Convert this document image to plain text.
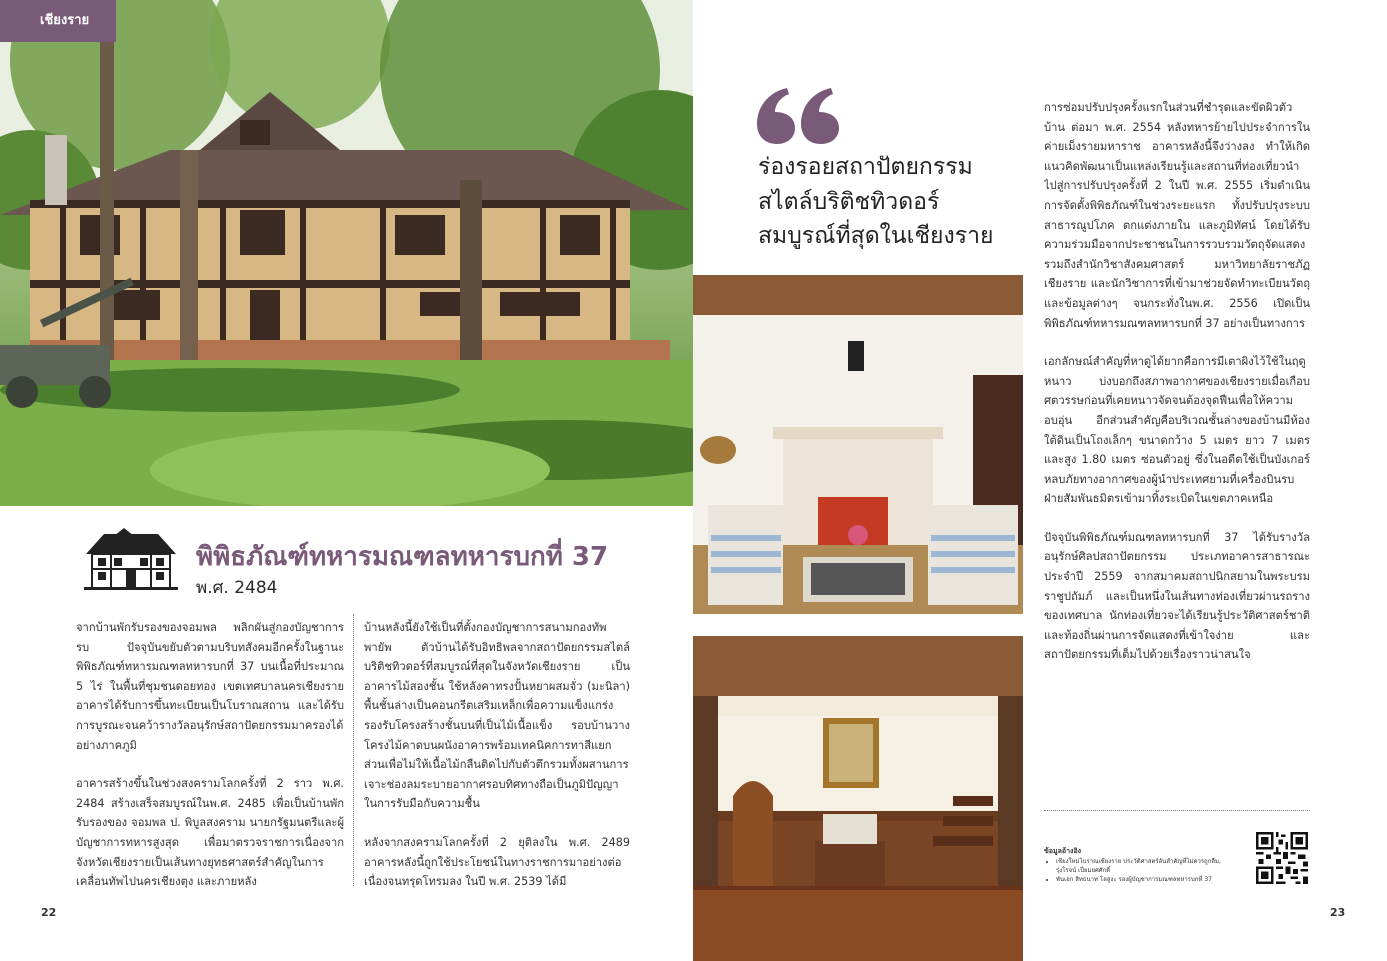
เชียงราย
พิพิธภัณฑ์ทหารมณฑลทหารบกที่ 37
พ.ศ. 2484

จากบ้านพักรับรองของจอมพล พลิกผันสู่กองบัญชาการรบ ปัจจุบันขยับตัวตามบริบทสังคมอีกครั้งในฐานะ พิพิธภัณฑ์ทหารมณฑลทหารบกที่ 37 บนเนื้อที่ประมาณ 5 ไร่ ในพื้นที่ชุมชนดอยทอง เขตเทศบาลนครเชียงราย อาคารได้รับการขึ้นทะเบียนเป็นโบราณสถาน และได้รับการบูรณะจนคว้ารางวัลอนุรักษ์สถาปัตยกรรมมาครองได้อย่างภาคภูมิ

อาคารสร้างขึ้นในช่วงสงครามโลกครั้งที่ 2 ราว พ.ศ. 2484 สร้างเสร็จสมบูรณ์ในพ.ศ. 2485 เพื่อเป็นบ้านพักรับรองของ จอมพล ป. พิบูลสงคราม นายกรัฐมนตรีและผู้บัญชาการทหารสูงสุด เพื่อมาตรวจราชการเนื่องจากจังหวัดเชียงรายเป็นเส้นทางยุทธศาสตร์สำคัญในการเคลื่อนทัพไปนครเชียงตุง และภายหลัง

บ้านหลังนี้ยังใช้เป็นที่ตั้งกองบัญชาการสนามกองทัพพายัพ ตัวบ้านได้รับอิทธิพลจากสถาปัตยกรรมสไตล์บริติชทิวดอร์ที่สมบูรณ์ที่สุดในจังหวัดเชียงราย เป็นอาคารไม้สองชั้น ใช้หลังคาทรงปั้นหยาผสมจั่ว (มะนิลา) พื้นชั้นล่างเป็นคอนกรีตเสริมเหล็กเพื่อความแข็งแกร่ง รองรับโครงสร้างชั้นบนที่เป็นไม้เนื้อแข็ง รอบบ้านวางโครงไม้คาดบนผนังอาคารพร้อมเทคนิคการทาสีแยกส่วนเพื่อไม่ให้เนื้อไม้กลืนติดไปกับตัวตึกรวมทั้งผสานการเจาะช่องลมระบายอากาศรอบทิศทางถือเป็นภูมิปัญญาในการรับมือกับความชื้น

หลังจากสงครามโลกครั้งที่ 2 ยุติลงใน พ.ศ. 2489 อาคารหลังนี้ถูกใช้ประโยชน์ในทางราชการมาอย่างต่อเนื่องจนทรุดโทรมลง ในปี พ.ศ. 2539 ได้มี

22
ร่องรอยสถาปัตยกรรม
สไตล์บริติชทิวดอร์
สมบูรณ์ที่สุดในเชียงราย

การซ่อมปรับปรุงครั้งแรกในส่วนที่ชำรุดและขัดผิวตัวบ้าน ต่อมา พ.ศ. 2554 หลังทหารย้ายไปประจำการในค่ายเม็งรายมหาราช อาคารหลังนี้จึงว่างลง ทำให้เกิดแนวคิดพัฒนาเป็นแหล่งเรียนรู้และสถานที่ท่องเที่ยวนำไปสู่การปรับปรุงครั้งที่ 2 ในปี พ.ศ. 2555 เริ่มดำเนินการจัดตั้งพิพิธภัณฑ์ในช่วงระยะแรก ทั้งปรับปรุงระบบสาธารณูปโภค ตกแต่งภายใน และภูมิทัศน์ โดยได้รับความร่วมมือจากประชาชนในการรวบรวมวัตถุจัดแสดง รวมถึงสำนักวิชาสังคมศาสตร์ มหาวิทยาลัยราชภัฏเชียงราย และนักวิชาการที่เข้ามาช่วยจัดทำทะเบียนวัตถุและข้อมูลต่างๆ จนกระทั่งในพ.ศ. 2556 เปิดเป็นพิพิธภัณฑ์ทหารมณฑลทหารบกที่ 37 อย่างเป็นทางการ

เอกลักษณ์สำคัญที่หาดูได้ยากคือการมีเตาผิงไว้ใช้ในฤดูหนาว บ่งบอกถึงสภาพอากาศของเชียงรายเมื่อเกือบศตวรรษก่อนที่เคยหนาวจัดจนต้องจุดฟืนเพื่อให้ความอบอุ่น อีกส่วนสำคัญคือบริเวณชั้นล่างของบ้านมีห้องใต้ดินเป็นโถงเล็กๆ ขนาดกว้าง 5 เมตร ยาว 7 เมตร และสูง 1.80 เมตร ซ่อนตัวอยู่ ซึ่งในอดีตใช้เป็นบังเกอร์หลบภัยทางอากาศของผู้นำประเทศยามที่เครื่องบินรบฝ่ายสัมพันธมิตรเข้ามาทิ้งระเบิดในเขตภาคเหนือ

ปัจจุบันพิพิธภัณฑ์มณฑลทหารบกที่ 37 ได้รับรางวัลอนุรักษ์ศิลปสถาปัตยกรรม ประเภทอาคารสาธารณะ ประจำปี 2559 จากสมาคมสถาปนิกสยามในพระบรมราชูปถัมภ์ และเป็นหนึ่งในเส้นทางท่องเที่ยวผ่านรถรางของเทศบาล นักท่องเที่ยวจะได้เรียนรู้ประวัติศาสตร์ชาติและท้องถิ่นผ่านการจัดแสดงที่เข้าใจง่าย และสถาปัตยกรรมที่เต็มไปด้วยเรื่องราวน่าสนใจ

ข้อมูลอ้างอิง
• เชียงใหม่โบราณเชียงราย ประวัติศาสตร์อันสำคัญที่ไม่ควรถูกลืม, รุ่งโรจน์ เปี่ยมยศศักดิ์
• พันเอก สิทธนาท โลสูงะ รองผู้บัญชาการมณฑลทหารบกที่ 37
23
